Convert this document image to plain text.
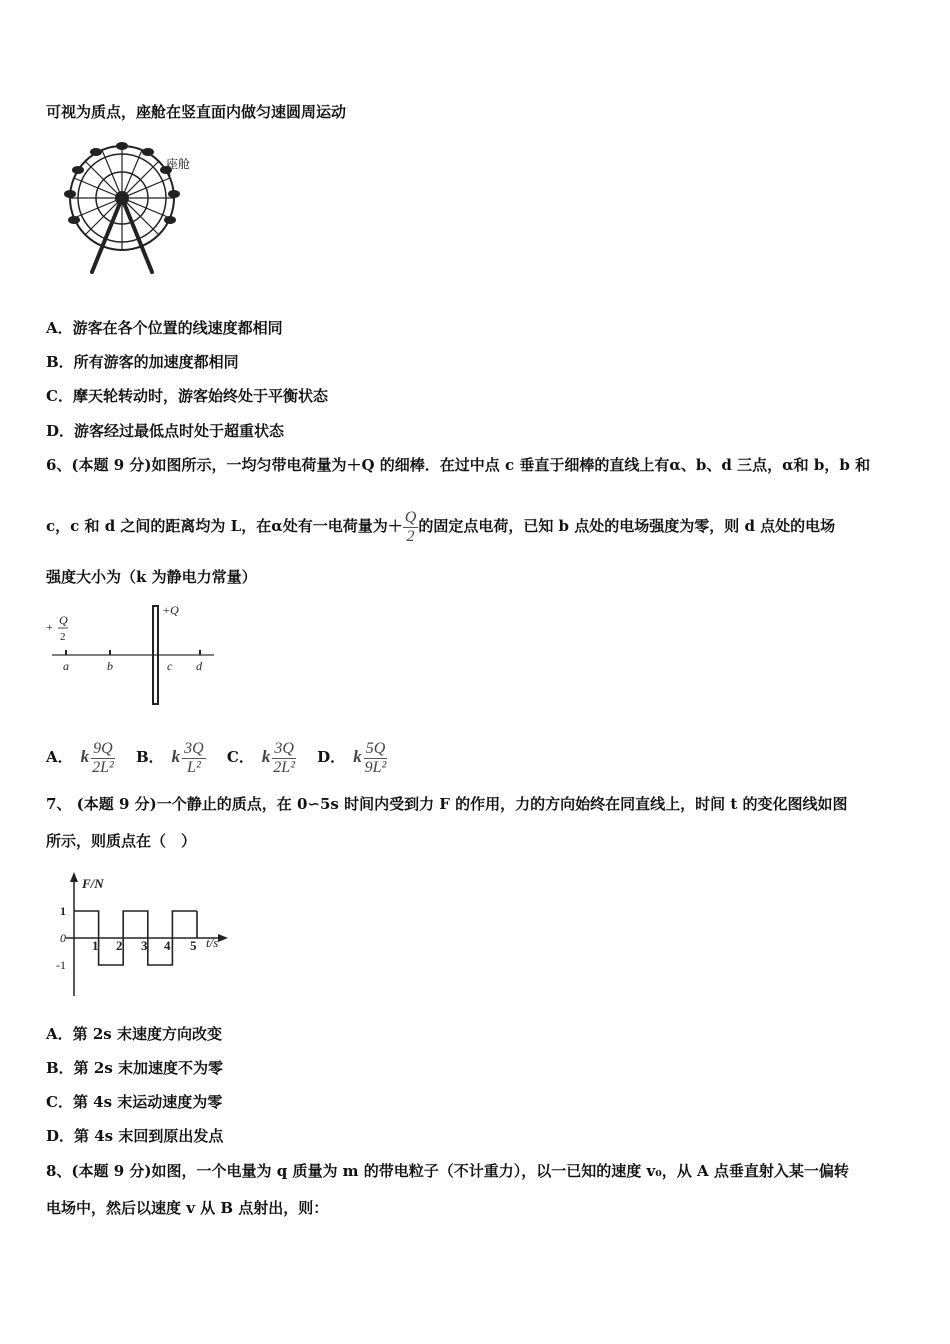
可视为质点，座舱在竖直面内做匀速圆周运动
座舱
A．游客在各个位置的线速度都相同
B．所有游客的加速度都相同
C．摩天轮转动时，游客始终处于平衡状态
D．游客经过最低点时处于超重状态
6、(本题 9 分)如图所示，一均匀带电荷量为＋Q 的细棒．在过中点 c 垂直于细棒的直线上有α、b、d 三点，α和 b，b 和
c，c 和 d 之间的距离均为 L，在α处有一电荷量为＋ $\frac{Q}{2}$ 的固定点电荷，已知 b 点处的电场强度为零，则 d 点处的电场
强度大小为（k 为静电力常量）
+Q
+ Q
2
a	b	c d
A． k $\frac{9Q}{\text{2L²}}$ B． k $\frac{3Q}{\text{L²}}$ C． k $\frac{3Q}{\text{2L²}}$ D． k $\frac{5Q}{\text{9L²}}$
7、 (本题 9 分)一个静止的质点，在 0∽5s 时间内受到力 F 的作用，力的方向始终在同直线上，时间 t 的变化图线如图
所示，则质点在（　）
F/N
t/s
1
0
-1
1 2 3 4 5
A．第 2s 末速度方向改变
B．第 2s 末加速度不为零
C．第 4s 末运动速度为零
D．第 4s 末回到原出发点
8、(本题 9 分)如图，一个电量为 q 质量为 m 的带电粒子（不计重力），以一已知的速度 v₀，从 A 点垂直射入某一偏转
电场中，然后以速度 v 从 B 点射出，则：
